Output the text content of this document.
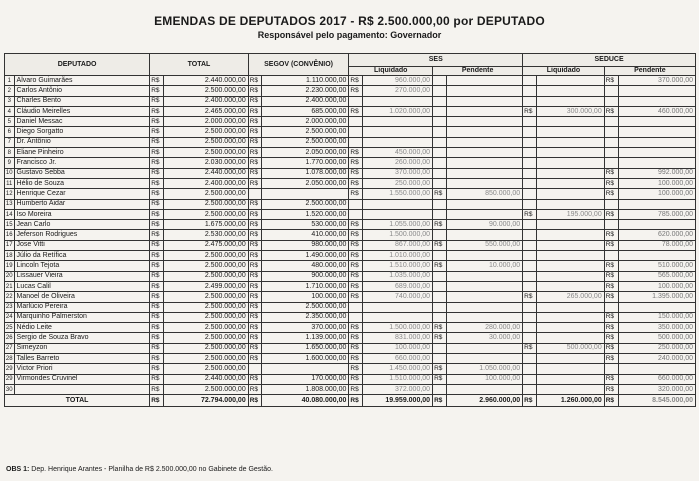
EMENDAS DE DEPUTADOS 2017 - R$ 2.500.000,00 por DEPUTADO
Responsável pelo pagamento: Governador
DEPUTADO		TOTAL		SEGOV (CONVÊNIO)		SES				SEDUCE			
						Liquidado		Pendente		Liquidado		Pendente	
1	Alvaro Guimarães	R$	2.440.000,00	R$	1.110.000,00	R$	960.000,00					R$	370.000,00
2	Carlos Antônio	R$	2.500.000,00	R$	2.230.000,00	R$	270.000,00						
3	Charles Bento	R$	2.400.000,00	R$	2.400.000,00								
4	Cláudio Meirelles	R$	2.465.000,00	R$	685.000,00	R$	1.020.000,00			R$	300.000,00	R$	460.000,00
5	Daniel Messac	R$	2.000.000,00	R$	2.000.000,00								
6	Diego Sorgatto	R$	2.500.000,00	R$	2.500.000,00								
7	Dr. Antônio	R$	2.500.000,00	R$	2.500.000,00								
8	Eliane Pinheiro	R$	2.500.000,00	R$	2.050.000,00	R$	450.000,00						
9	Francisco Jr.	R$	2.030.000,00	R$	1.770.000,00	R$	260.000,00						
10	Gustavo Sebba	R$	2.440.000,00	R$	1.078.000,00	R$	370.000,00					R$	992.000,00
11	Hélio de Souza	R$	2.400.000,00	R$	2.050.000,00	R$	250.000,00					R$	100.000,00
12	Henrique Cezar	R$	2.500.000,00			R$	1.550.000,00	R$	850.000,00			R$	100.000,00
13	Humberto Aidar	R$	2.500.000,00	R$	2.500.000,00								
14	Iso Moreira	R$	2.500.000,00	R$	1.520.000,00					R$	195.000,00	R$	785.000,00
15	Jean Carlo	R$	1.675.000,00	R$	530.000,00	R$	1.055.000,00	R$	90.000,00				
16	Jeferson Rodrigues	R$	2.530.000,00	R$	410.000,00	R$	1.500.000,00					R$	620.000,00
17	Jose Vitti	R$	2.475.000,00	R$	980.000,00	R$	867.000,00	R$	550.000,00			R$	78.000,00
18	Júlio da Retífica	R$	2.500.000,00	R$	1.490.000,00	R$	1.010.000,00						
19	Lincoln Tejota	R$	2.500.000,00	R$	480.000,00	R$	1.510.000,00	R$	10.000,00			R$	510.000,00
20	Lissauer Vieira	R$	2.500.000,00	R$	900.000,00	R$	1.035.000,00					R$	565.000,00
21	Lucas Calil	R$	2.499.000,00	R$	1.710.000,00	R$	689.000,00					R$	100.000,00
22	Manoel de Oliveira	R$	2.500.000,00	R$	100.000,00	R$	740.000,00			R$	265.000,00	R$	1.395.000,00
23	Marlúcio Pereira	R$	2.500.000,00	R$	2.500.000,00								
24	Marquinho Palmerston	R$	2.500.000,00	R$	2.350.000,00							R$	150.000,00
25	Nédio Leite	R$	2.500.000,00	R$	370.000,00	R$	1.500.000,00	R$	280.000,00			R$	350.000,00
26	Sergio de Souza Bravo	R$	2.500.000,00	R$	1.139.000,00	R$	831.000,00	R$	30.000,00			R$	500.000,00
27	Simeyzon	R$	2.500.000,00	R$	1.650.000,00	R$	100.000,00			R$	500.000,00	R$	250.000,00
28	Talles Barreto	R$	2.500.000,00	R$	1.600.000,00	R$	660.000,00					R$	240.000,00
29	Victor Priori	R$	2.500.000,00			R$	1.450.000,00	R$	1.050.000,00				
29	Virmondes Cruvinel	R$	2.440.000,00	R$	170.000,00	R$	1.510.000,00	R$	100.000,00			R$	660.000,00
30		R$	2.500.000,00	R$	1.808.000,00	R$	372.000,00					R$	320.000,00
TOTAL		R$	72.794.000,00	R$	40.080.000,00	R$	19.959.000,00	R$	2.960.000,00	R$	1.260.000,00	R$	8.545.000,00
OBS 1: Dep. Henrique Arantes - Planilha de R$ 2.500.000,00 no Gabinete de Gestão.
